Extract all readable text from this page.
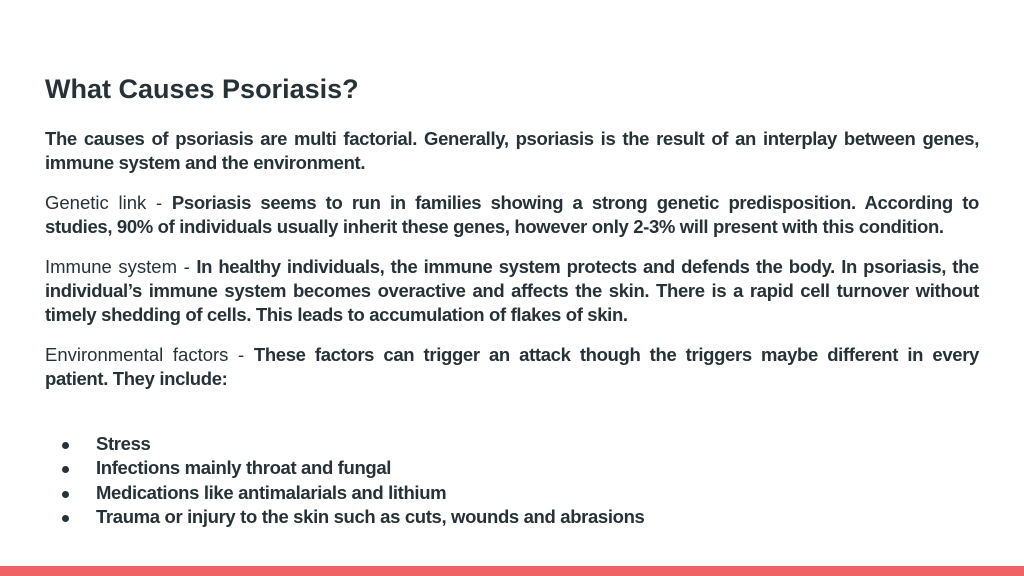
What Causes Psoriasis?

The causes of psoriasis are multi factorial. Generally, psoriasis is the result of an interplay between genes, immune system and the environment.

Genetic link - Psoriasis seems to run in families showing a strong genetic predisposition. According to studies, 90% of individuals usually inherit these genes, however only 2-3% will present with this condition.

Immune system - In healthy individuals, the immune system protects and defends the body. In psoriasis, the individual’s immune system becomes overactive and affects the skin. There is a rapid cell turnover without timely shedding of cells. This leads to accumulation of flakes of skin.

Environmental factors - These factors can trigger an attack though the triggers maybe different in every patient. They include:

Stress
Infections mainly throat and fungal
Medications like antimalarials and lithium
Trauma or injury to the skin such as cuts, wounds and abrasions
